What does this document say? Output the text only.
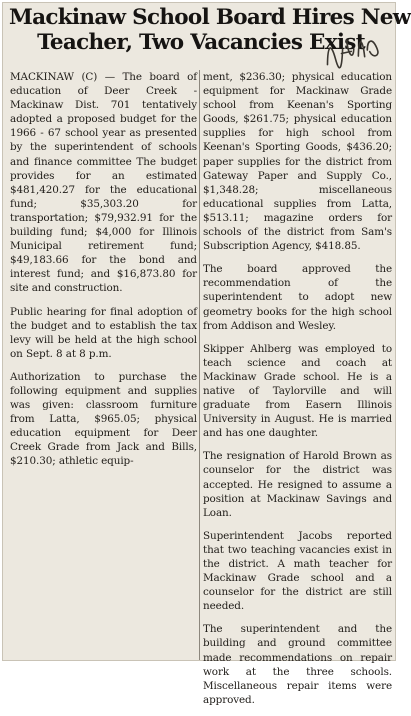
Mackinaw School Board Hires New
Teacher, Two Vacancies Exist

MACKINAW (C) — The board of education of Deer Creek - Mackinaw Dist. 701 tentatively adopted a proposed budget for the 1966 - 67 school year as presented by the superintendent of schools and finance committee The budget provides for an estimated $481,420.27 for the educational fund; $35,303.20 for transportation; $79,932.91 for the building fund; $4,000 for Illinois Municipal retirement fund; $49,183.66 for the bond and interest fund; and $16,873.80 for site and construction.

Public hearing for final adoption of the budget and to establish the tax levy will be held at the high school on Sept. 8 at 8 p.m.

Authorization to purchase the following equipment and supplies was given: classroom furniture from Latta, $965.05; physical education equipment for Deer Creek Grade from Jack and Bills, $210.30; athletic equip-

ment, $236.30; physical education equipment for Mackinaw Grade school from Keenan's Sporting Goods, $261.75; physical education supplies for high school from Keenan's Sporting Goods, $436.20; paper supplies for the district from Gateway Paper and Supply Co., $1,348.28; miscellaneous educational supplies from Latta, $513.11; magazine orders for schools of the district from Sam's Subscription Agency, $418.85.

The board approved the recommendation of the superintendent to adopt new geometry books for the high school from Addison and Wesley.

Skipper Ahlberg was employed to teach science and coach at Mackinaw Grade school. He is a native of Taylorville and will graduate from Easern Illinois University in August. He is married and has one daughter.

The resignation of Harold Brown as counselor for the district was accepted. He resigned to assume a position at Mackinaw Savings and Loan.

Superintendent Jacobs reported that two teaching vacancies exist in the district. A math teacher for Mackinaw Grade school and a counselor for the district are still needed.

The superintendent and the building and ground committee made recommendations on repair work at the three schools. Miscellaneous repair items were approved.
